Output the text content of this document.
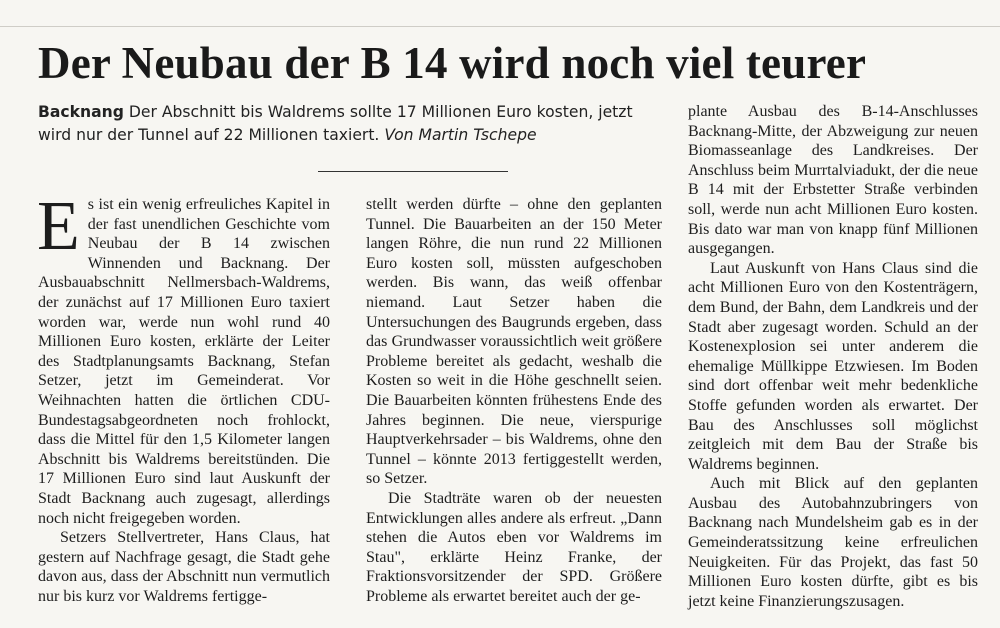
Der Neubau der B 14 wird noch viel teurer
Backnang Der Abschnitt bis Waldrems sollte 17 Millionen Euro kosten, jetzt wird nur der Tunnel auf 22 Millionen taxiert. Von Martin Tschepe

Es ist ein wenig erfreuliches Kapitel in der fast unendlichen Geschichte vom Neubau der B 14 zwischen Winnenden und Backnang. Der Ausbauabschnitt Nellmersbach-Waldrems, der zunächst auf 17 Millionen Euro taxiert worden war, werde nun wohl rund 40 Millionen Euro kosten, erklärte der Leiter des Stadtplanungsamts Backnang, Stefan Setzer, jetzt im Gemeinderat. Vor Weihnachten hatten die örtlichen CDU-Bundestagsabgeordneten noch frohlockt, dass die Mittel für den 1,5 Kilometer langen Abschnitt bis Waldrems bereitstünden. Die 17 Millionen Euro sind laut Auskunft der Stadt Backnang auch zugesagt, allerdings noch nicht freigegeben worden.

Setzers Stellvertreter, Hans Claus, hat gestern auf Nachfrage gesagt, die Stadt gehe davon aus, dass der Abschnitt nun vermutlich nur bis kurz vor Waldrems fertigge-

stellt werden dürfte – ohne den geplanten Tunnel. Die Bauarbeiten an der 150 Meter langen Röhre, die nun rund 22 Millionen Euro kosten soll, müssten aufgeschoben werden. Bis wann, das weiß offenbar niemand. Laut Setzer haben die Untersuchungen des Baugrunds ergeben, dass das Grundwasser voraussichtlich weit größere Probleme bereitet als gedacht, weshalb die Kosten so weit in die Höhe geschnellt seien. Die Bauarbeiten könnten frühestens Ende des Jahres beginnen. Die neue, vierspurige Hauptverkehrsader – bis Waldrems, ohne den Tunnel – könnte 2013 fertiggestellt werden, so Setzer.

Die Stadträte waren ob der neuesten Entwicklungen alles andere als erfreut. „Dann stehen die Autos eben vor Waldrems im Stau", erklärte Heinz Franke, der Fraktionsvorsitzender der SPD. Größere Probleme als erwartet bereitet auch der ge-

plante Ausbau des B-14-Anschlusses Backnang-Mitte, der Abzweigung zur neuen Biomasseanlage des Landkreises. Der Anschluss beim Murrtalviadukt, der die neue B 14 mit der Erbstetter Straße verbinden soll, werde nun acht Millionen Euro kosten. Bis dato war man von knapp fünf Millionen ausgegangen.

Laut Auskunft von Hans Claus sind die acht Millionen Euro von den Kostenträgern, dem Bund, der Bahn, dem Landkreis und der Stadt aber zugesagt worden. Schuld an der Kostenexplosion sei unter anderem die ehemalige Müllkippe Etzwiesen. Im Boden sind dort offenbar weit mehr bedenkliche Stoffe gefunden worden als erwartet. Der Bau des Anschlusses soll möglichst zeitgleich mit dem Bau der Straße bis Waldrems beginnen.

Auch mit Blick auf den geplanten Ausbau des Autobahnzubringers von Backnang nach Mundelsheim gab es in der Gemeinderatssitzung keine erfreulichen Neuigkeiten. Für das Projekt, das fast 50 Millionen Euro kosten dürfte, gibt es bis jetzt keine Finanzierungszusagen.
